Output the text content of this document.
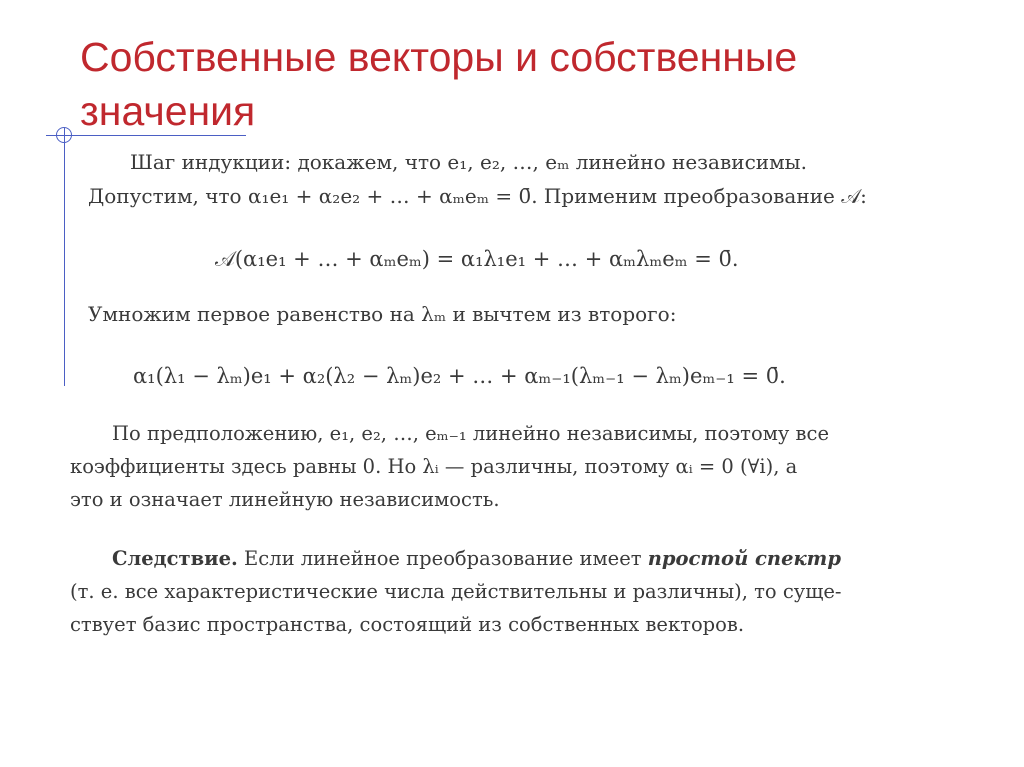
Собственные векторы и собственные значения

Шаг индукции: докажем, что e₁, e₂, …, eₘ линейно независимы.

Допустим, что α₁e₁ + α₂e₂ + … + αₘeₘ = 0̄. Применим преобразование 𝒜:

𝒜(α₁e₁ + … + αₘeₘ) = α₁λ₁e₁ + … + αₘλₘeₘ = 0̄.

Умножим первое равенство на λₘ и вычтем из второго:

α₁(λ₁ − λₘ)e₁ + α₂(λ₂ − λₘ)e₂ + … + αₘ₋₁(λₘ₋₁ − λₘ)eₘ₋₁ = 0̄.

По предположению, e₁, e₂, …, eₘ₋₁ линейно независимы, поэтому все

коэффициенты здесь равны 0. Но λᵢ — различны, поэтому αᵢ = 0 (∀i), а

это и означает линейную независимость.

Следствие. Если линейное преобразование имеет простой спектр

(т. е. все характеристические числа действительны и различны), то суще-

ствует базис пространства, состоящий из собственных векторов.
